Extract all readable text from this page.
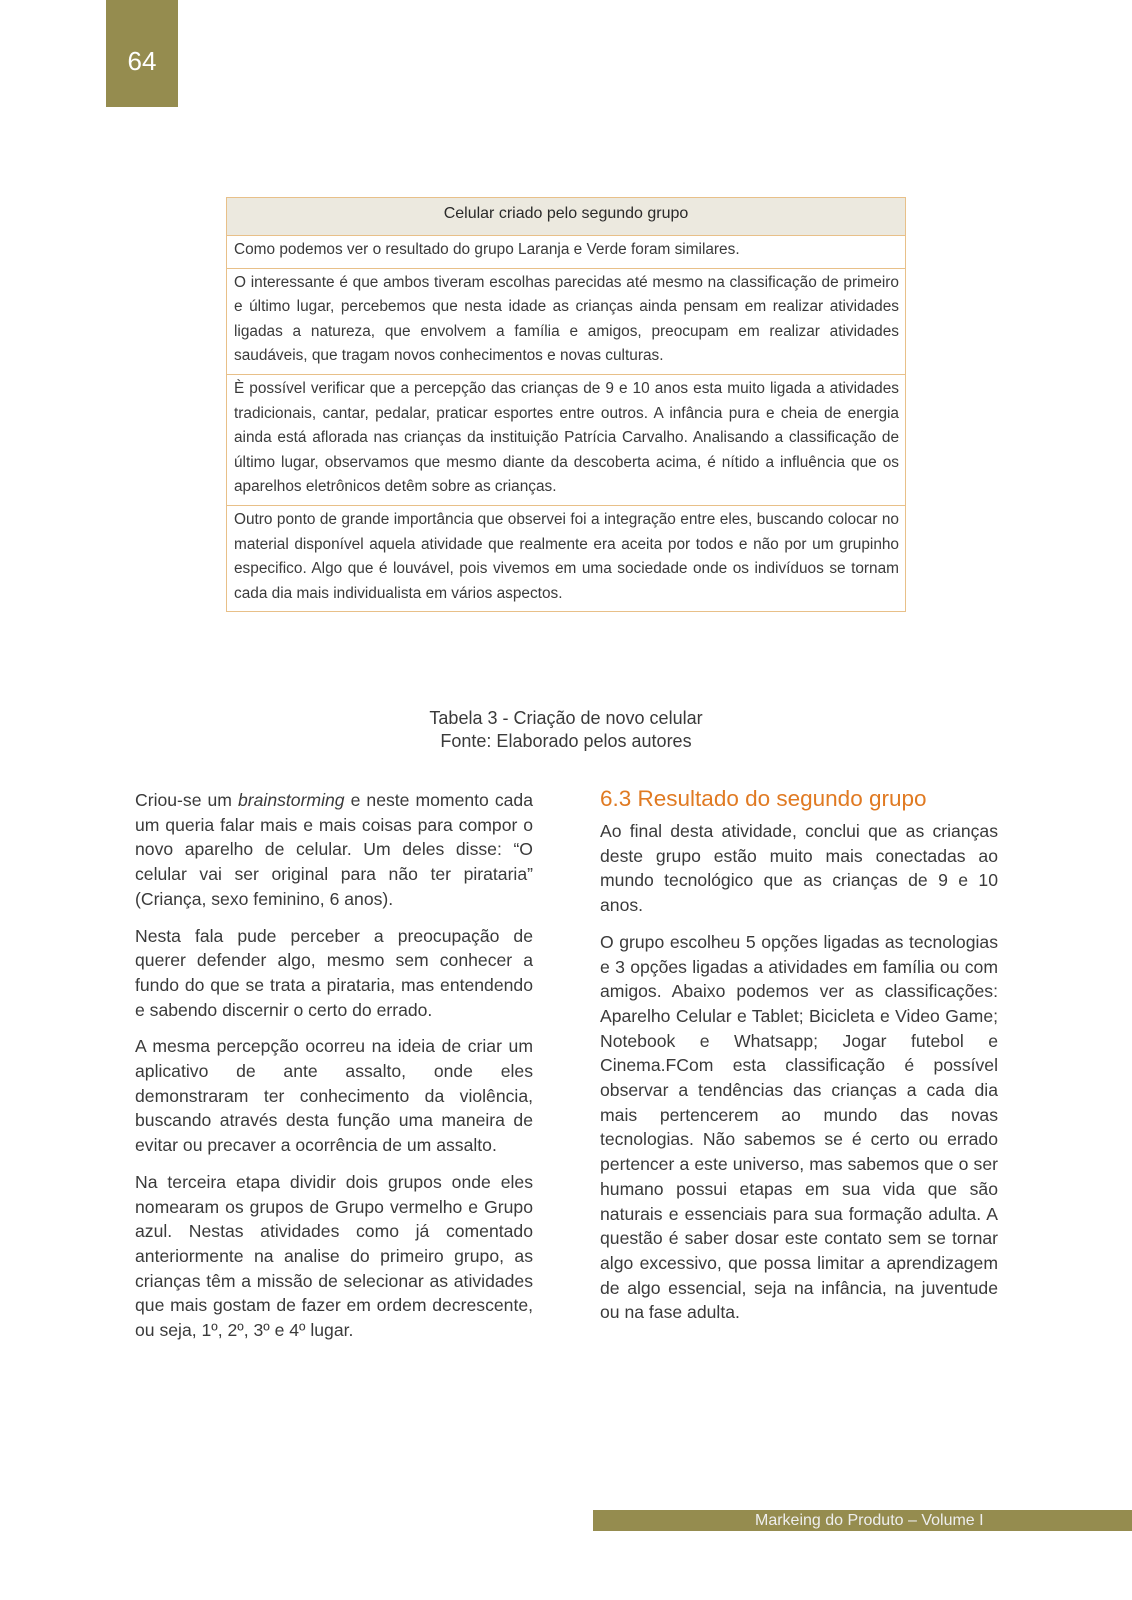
64
Celular criado pelo segundo grupo
Como podemos ver o resultado do grupo Laranja e Verde foram similares.
O interessante é que ambos tiveram escolhas parecidas até mesmo na classificação de primeiro e último lugar, percebemos que nesta idade as crianças ainda pensam em realizar atividades ligadas a natureza, que envolvem a família e amigos, preocupam em realizar atividades saudáveis, que tragam novos conhecimentos e novas culturas.
È possível verificar que a percepção das crianças de 9 e 10 anos esta muito ligada a atividades tradicionais, cantar, pedalar, praticar esportes entre outros. A infância pura e cheia de energia ainda está aflorada nas crianças da instituição Patrícia Carvalho. Analisando a classificação de último lugar, observamos que mesmo diante da descoberta acima, é nítido a influência que os aparelhos eletrônicos detêm sobre as crianças.
Outro ponto de grande importância que observei foi a integração entre eles, buscando colocar no material disponível aquela atividade que realmente era aceita por todos e não por um grupinho especifico. Algo que é louvável, pois vivemos em uma sociedade onde os indivíduos se tornam cada dia mais individualista em vários aspectos.
Tabela 3 - Criação de novo celular
Fonte: Elaborado pelos autores

Criou-se um brainstorming e neste momento cada um queria falar mais e mais coisas para compor o novo aparelho de celular. Um deles disse: “O celular vai ser original para não ter pirataria” (Criança, sexo feminino, 6 anos).

Nesta fala pude perceber a preocupação de querer defender algo, mesmo sem conhecer a fundo do que se trata a pirataria, mas entendendo e sabendo discernir o certo do errado.

A mesma percepção ocorreu na ideia de criar um aplicativo de ante assalto, onde eles demonstraram ter conhecimento da violência, buscando através desta função uma maneira de evitar ou precaver a ocorrência de um assalto.

Na terceira etapa dividir dois grupos onde eles nomearam os grupos de Grupo vermelho e Grupo azul. Nestas atividades como já comentado anteriormente na analise do primeiro grupo, as crianças têm a missão de selecionar as atividades que mais gostam de fazer em ordem decrescente, ou seja, 1º, 2º, 3º e 4º lugar.

6.3 Resultado do segundo grupo

Ao final desta atividade, conclui que as crianças deste grupo estão muito mais conectadas ao mundo tecnológico que as crianças de 9 e 10 anos.

O grupo escolheu 5 opções ligadas as tecnologias e 3 opções ligadas a atividades em família ou com amigos. Abaixo podemos ver as classificações: Aparelho Celular e Tablet; Bicicleta e Video Game; Notebook e Whatsapp; Jogar futebol e Cinema.FCom esta classificação é possível observar a tendências das crianças a cada dia mais pertencerem ao mundo das novas tecnologias. Não sabemos se é certo ou errado pertencer a este universo, mas sabemos que o ser humano possui etapas em sua vida que são naturais e essenciais para sua formação adulta. A questão é saber dosar este contato sem se tornar algo excessivo, que possa limitar a aprendizagem de algo essencial, seja na infância, na juventude ou na fase adulta.

Markeing do Produto – Volume I
